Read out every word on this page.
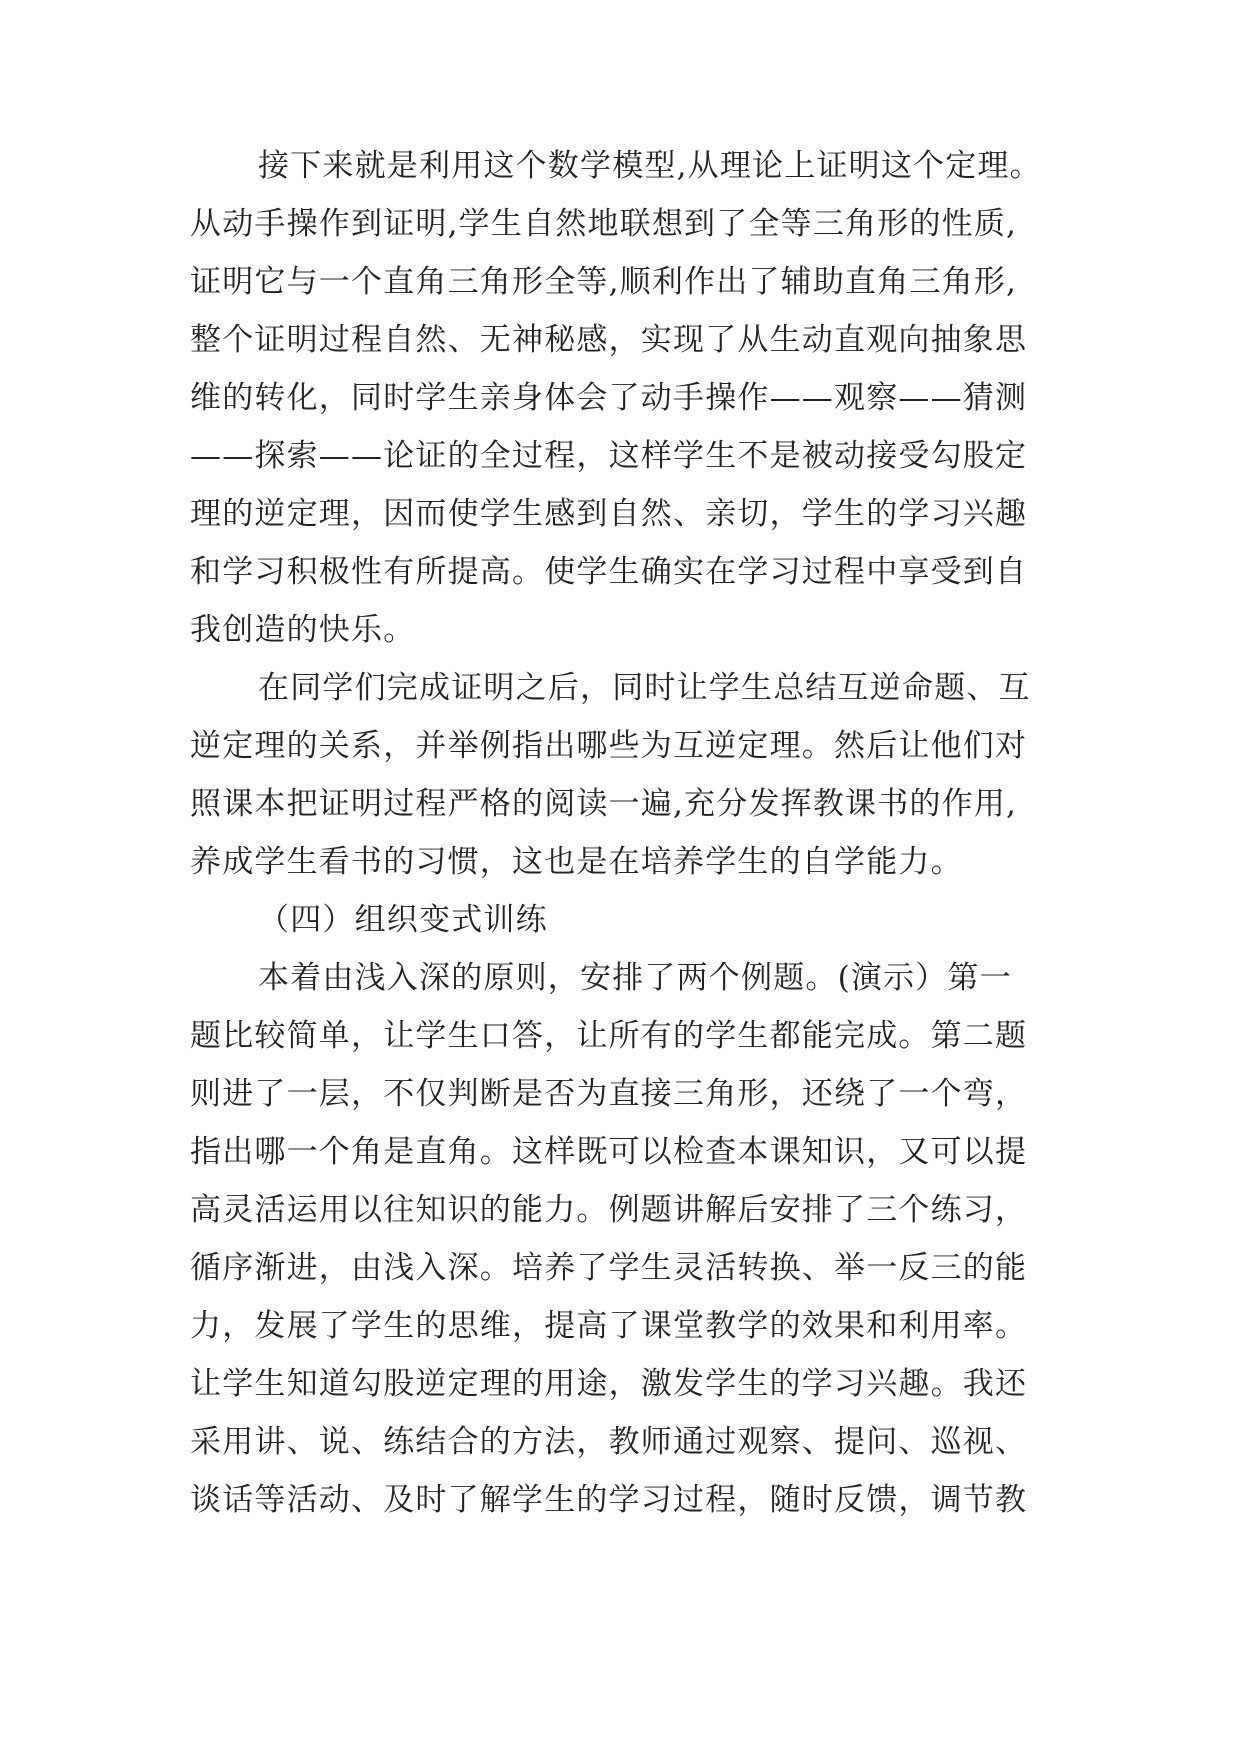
接下来就是利用这个数学模型,从理论上证明这个定理。
从动手操作到证明,学生自然地联想到了全等三角形的性质,
证明它与一个直角三角形全等,顺利作出了辅助直角三角形,
整个证明过程自然、无神秘感，实现了从生动直观向抽象思
维的转化，同时学生亲身体会了动手操作——观察——猜测
——探索——论证的全过程，这样学生不是被动接受勾股定
理的逆定理，因而使学生感到自然、亲切，学生的学习兴趣
和学习积极性有所提高。使学生确实在学习过程中享受到自
我创造的快乐。
在同学们完成证明之后，同时让学生总结互逆命题、互
逆定理的关系，并举例指出哪些为互逆定理。然后让他们对
照课本把证明过程严格的阅读一遍,充分发挥教课书的作用,
养成学生看书的习惯，这也是在培养学生的自学能力。
（四）组织变式训练
本着由浅入深的原则，安排了两个例题。(演示）第一
题比较简单，让学生口答，让所有的学生都能完成。第二题
则进了一层，不仅判断是否为直接三角形，还绕了一个弯，
指出哪一个角是直角。这样既可以检查本课知识，又可以提
高灵活运用以往知识的能力。例题讲解后安排了三个练习，
循序渐进，由浅入深。培养了学生灵活转换、举一反三的能
力，发展了学生的思维，提高了课堂教学的效果和利用率。
让学生知道勾股逆定理的用途，激发学生的学习兴趣。我还
采用讲、说、练结合的方法，教师通过观察、提问、巡视、
谈话等活动、及时了解学生的学习过程，随时反馈，调节教
